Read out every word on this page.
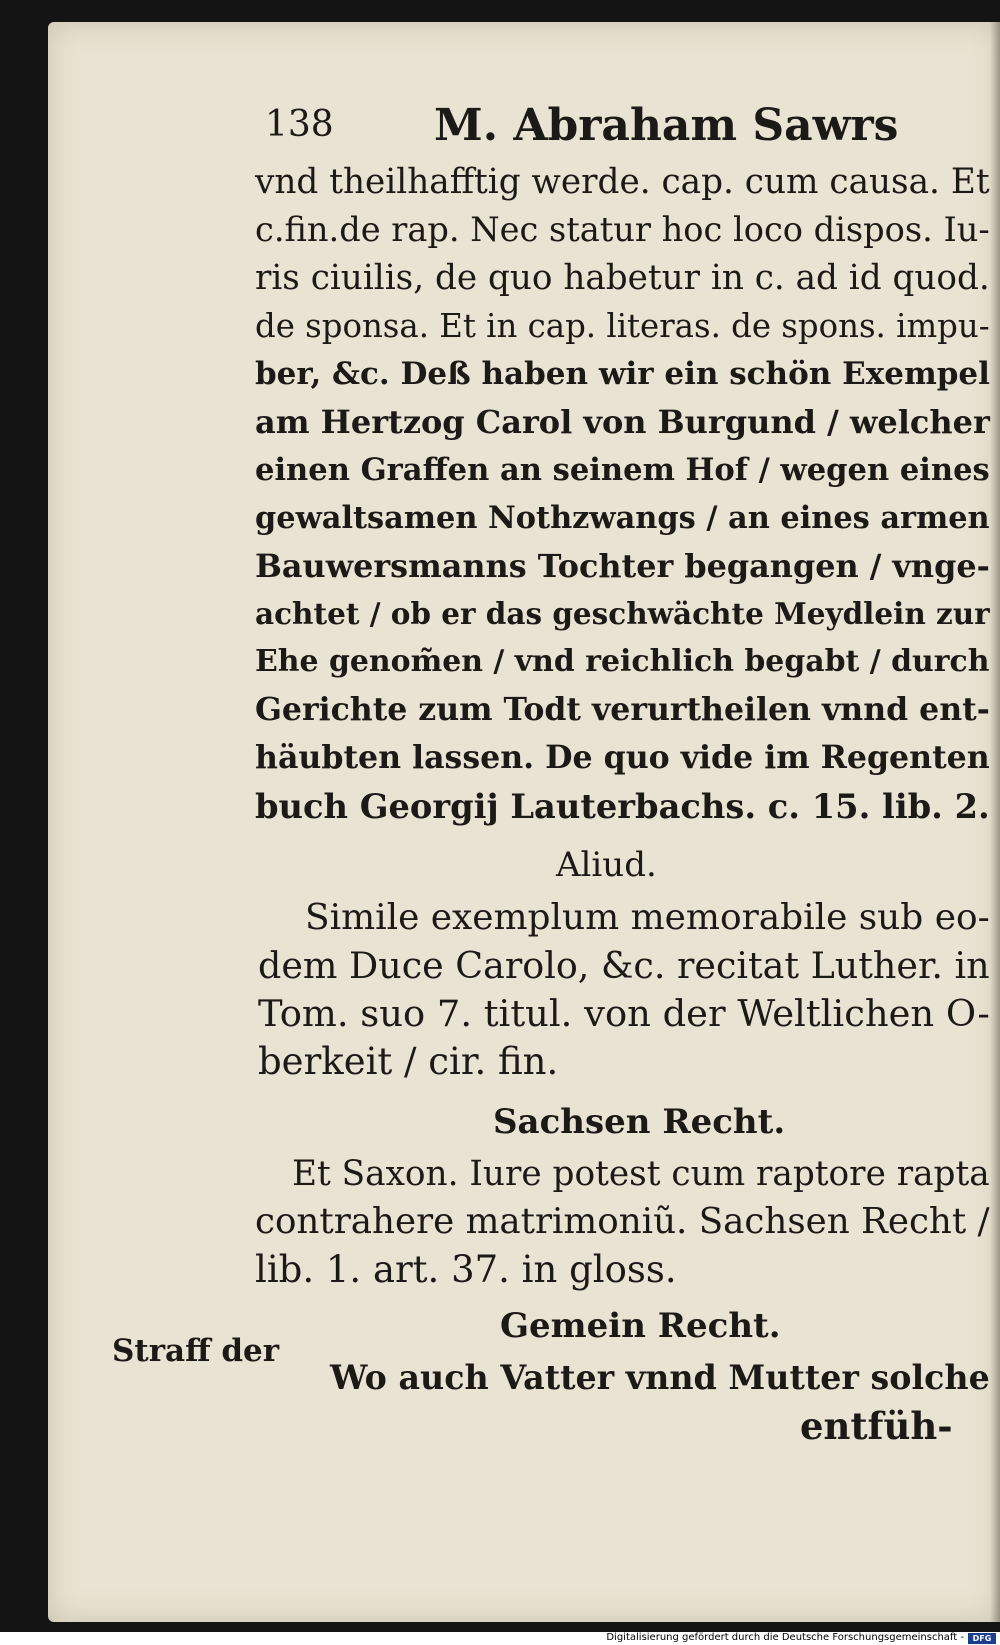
138 M. Abraham Sawrs
vnd theilhafftig werde. cap. cum causa. Et
c.fin.de rap. Nec statur hoc loco dispos. Iu-
ris ciuilis, de quo habetur in c. ad id quod.
de sponsa. Et in cap. literas. de spons. impu-
ber, &c. Deß haben wir ein schön Exempel
am Hertzog Carol von Burgund / welcher
einen Graffen an seinem Hof / wegen eines
gewaltsamen Nothzwangs / an eines armen
Bauwersmanns Tochter begangen / vnge-
achtet / ob er das geschwächte Meydlein zur
Ehe genom̃en / vnd reichlich begabt / durch
Gerichte zum Todt verurtheilen vnnd ent-
häubten lassen. De quo vide im Regenten
buch Georgij Lauterbachs. c. 15. lib. 2.
Aliud.
Simile exemplum memorabile sub eo-
dem Duce Carolo, &c. recitat Luther. in
Tom. suo 7. titul. von der Weltlichen O-
berkeit / cir. fin.
Sachsen Recht.
Et Saxon. Iure potest cum raptore rapta
contrahere matrimoniũ. Sachsen Recht /
lib. 1. art. 37. in gloss.
Gemein Recht.
Wo auch Vatter vnnd Mutter solche
entfüh-
Straff der
Digitalisierung gefördert durch die Deutsche Forschungsgemeinschaft -	DFG
